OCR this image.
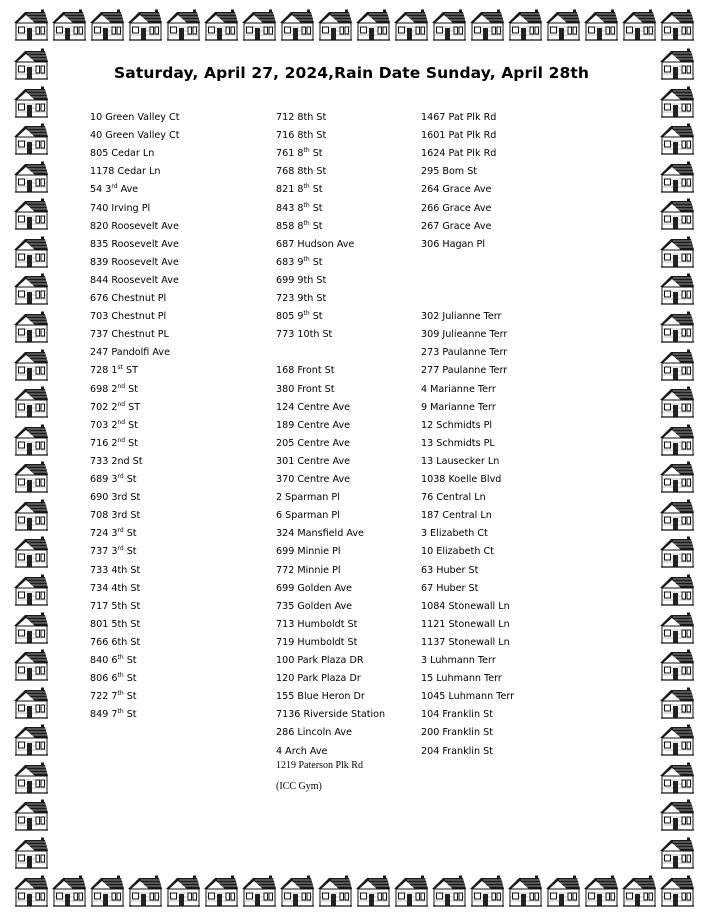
Saturday, April 27, 2024,Rain Date Sunday, April 28th
10 Green Valley Ct
40 Green Valley Ct
805 Cedar Ln
1178 Cedar Ln
54 3rd Ave
740 Irving Pl
820 Roosevelt Ave
835 Roosevelt Ave
839 Roosevelt Ave
844 Roosevelt Ave
676 Chestnut Pl
703 Chestnut Pl
737 Chestnut PL
247 Pandolfi Ave
728 1st ST
698 2nd St
702 2nd ST
703 2nd St
716 2nd St
733 2nd St
689 3rd St
690 3rd St
708 3rd St
724 3rd St
737 3rd St
733 4th St
734 4th St
717 5th St
801 5th St
766 6th St
840 6th St
806 6th St
722 7th St
849 7th St
1219 Paterson Plk Rd
(ICC Gym)
712 8th St
716 8th St
761 8th St
768 8th St
821 8th St
843 8th St
858 8th St
687 Hudson Ave
683 9th St
699 9th St
723 9th St
805 9th St
773 10th St
168 Front St
380 Front St
124 Centre Ave
189 Centre Ave
205 Centre Ave
301 Centre Ave
370 Centre Ave
2 Sparman Pl
6 Sparman Pl
324 Mansfield Ave
699 Minnie Pl
772 Minnie Pl
699 Golden Ave
735 Golden Ave
713 Humboldt St
719 Humboldt St
100 Park Plaza DR
120 Park Plaza Dr
155 Blue Heron Dr
7136 Riverside Station
286 Lincoln Ave
4 Arch Ave
1467 Pat Plk Rd
1601 Pat Plk Rd
1624 Pat Plk Rd
295 Bom St
264 Grace Ave
266 Grace Ave
267 Grace Ave
306 Hagan Pl
302 Julianne Terr
309 Julieanne Terr
273 Paulanne Terr
277 Paulanne Terr
4 Marianne Terr
9 Marianne Terr
12 Schmidts Pl
13 Schmidts PL
13 Lausecker Ln
1038 Koelle Blvd
76 Central Ln
187 Central Ln
3 Elizabeth Ct
10 Elizabeth Ct
63 Huber St
67 Huber St
1084 Stonewall Ln
1121 Stonewall Ln
1137 Stonewall Ln
3 Luhmann Terr
15 Luhmann Terr
1045 Luhmann Terr
104 Franklin St
200 Franklin St
204 Franklin St
